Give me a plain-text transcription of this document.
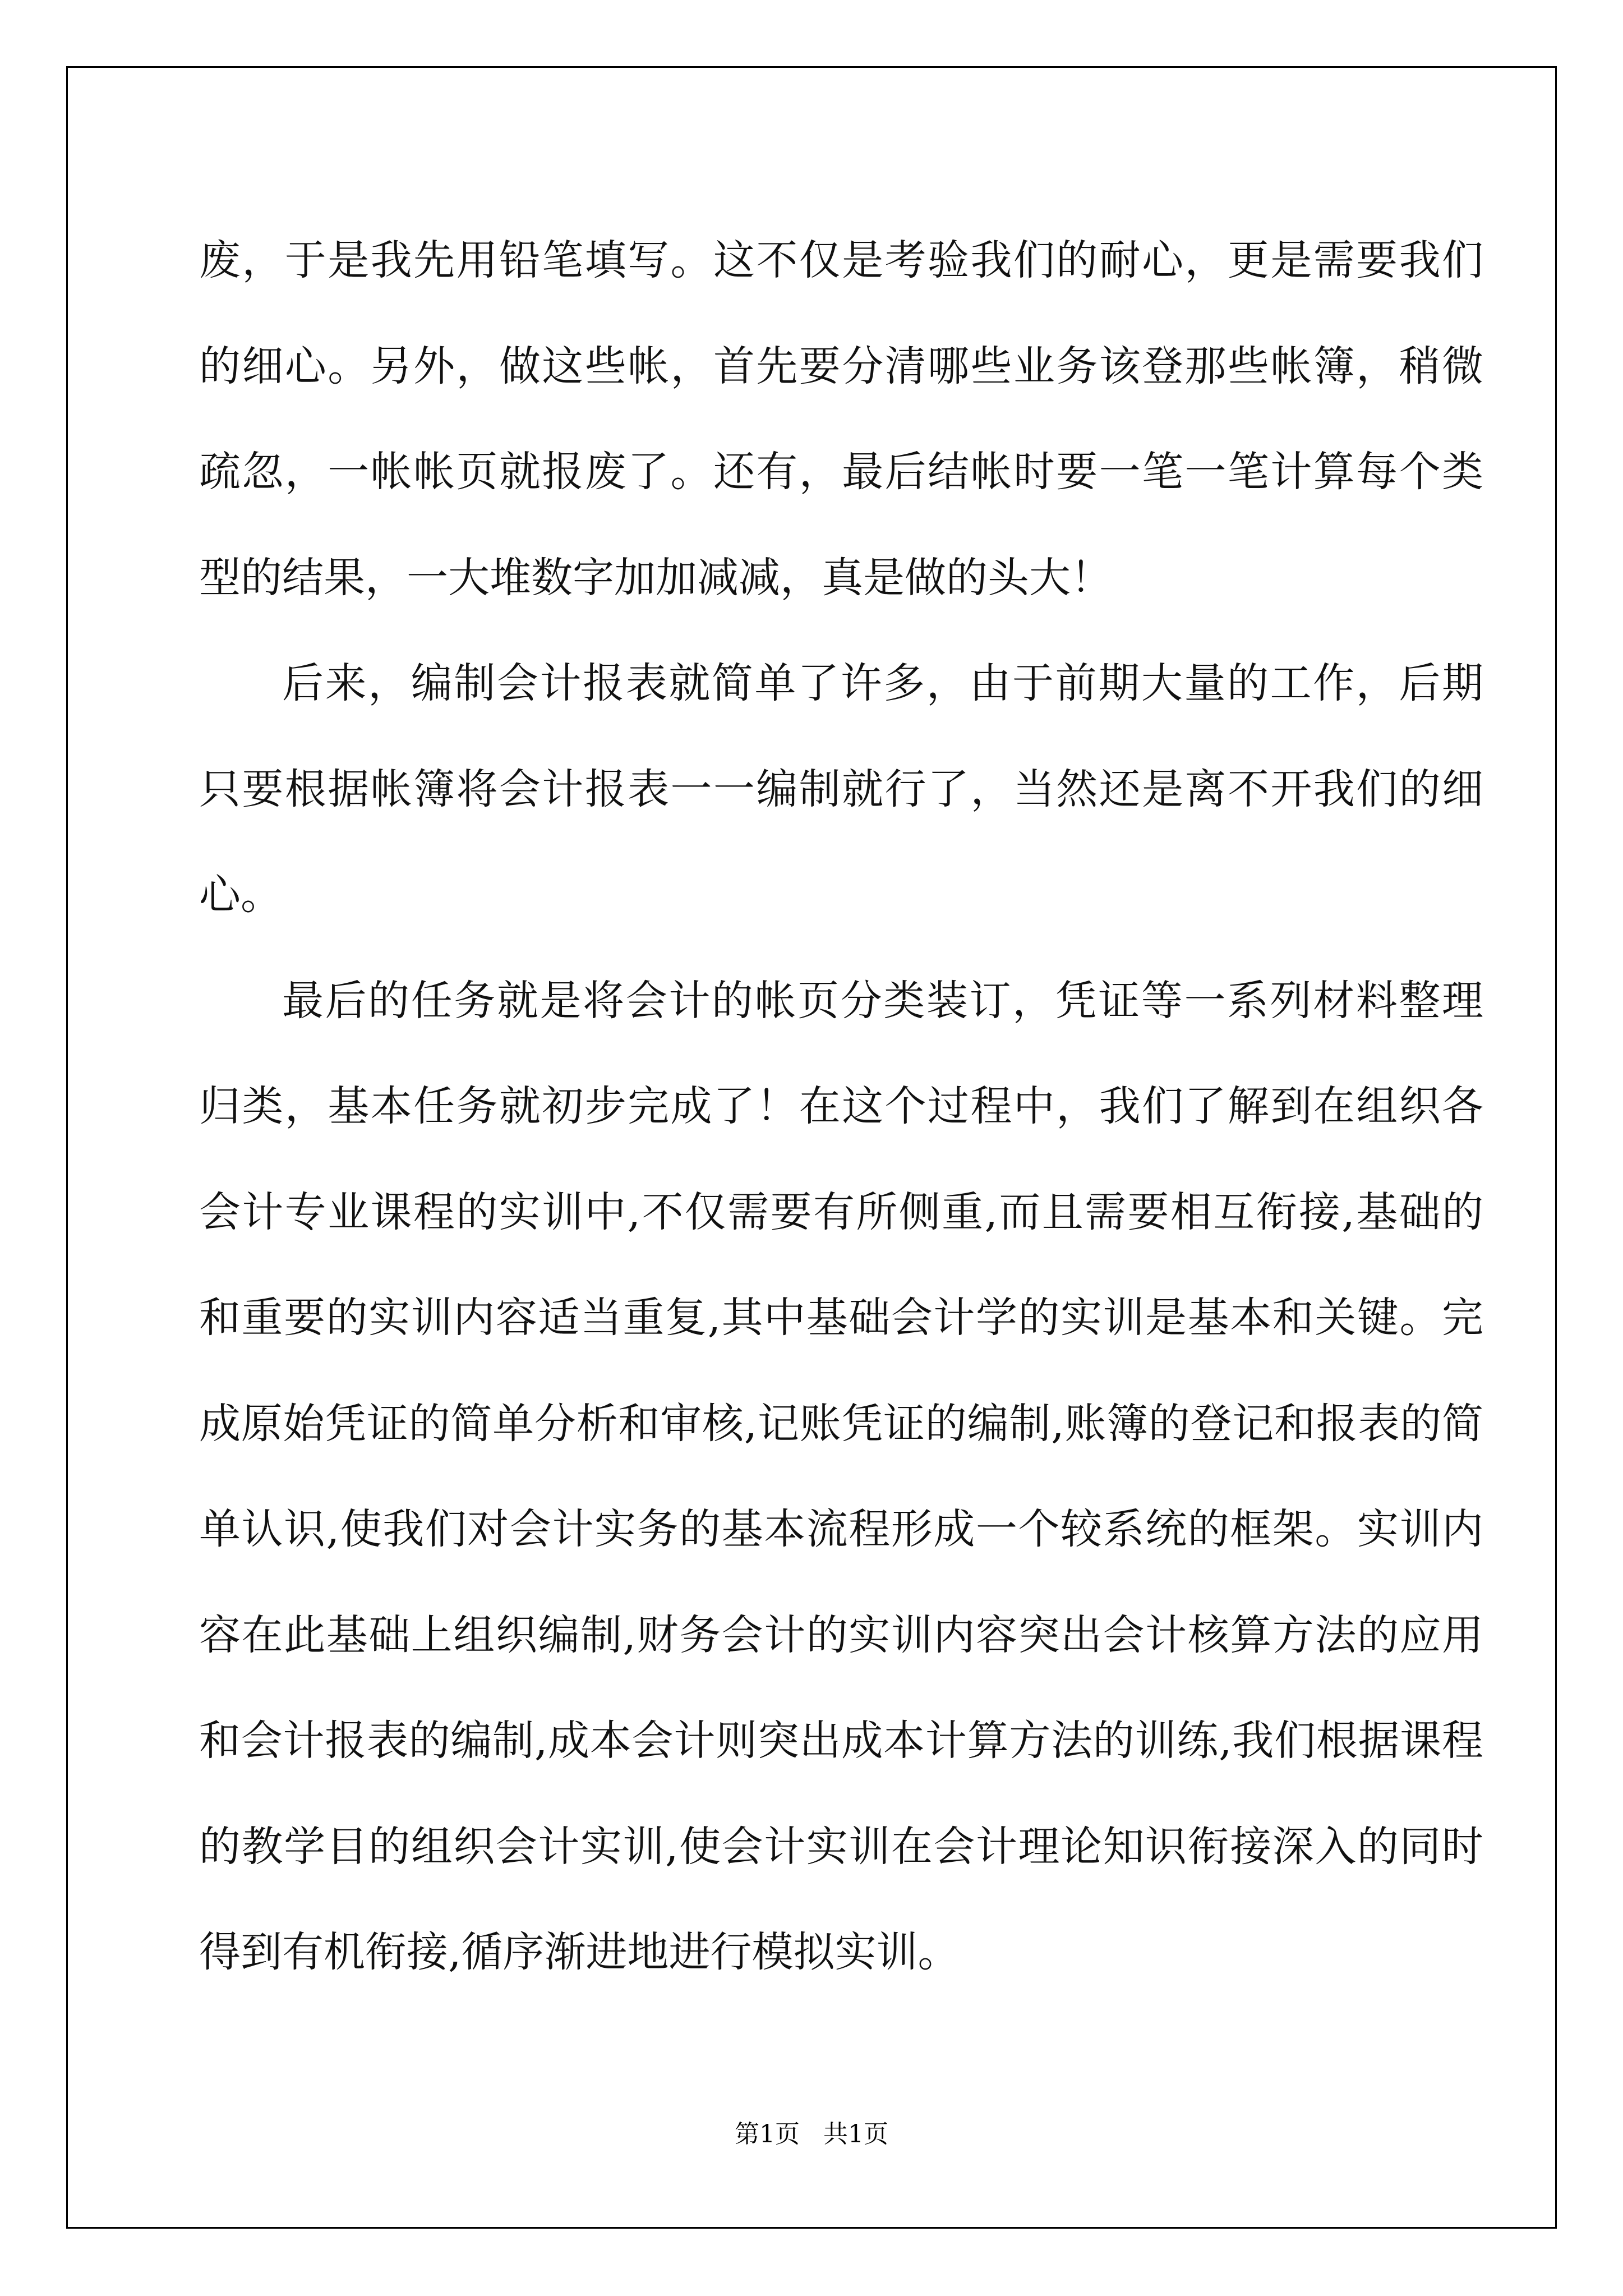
废，于是我先用铅笔填写。这不仅是考验我们的耐心，更是需要我们的细心。另外，做这些帐，首先要分清哪些业务该登那些帐簿，稍微疏忽，一帐帐页就报废了。还有，最后结帐时要一笔一笔计算每个类型的结果，一大堆数字加加减减，真是做的头大！

后来，编制会计报表就简单了许多，由于前期大量的工作，后期只要根据帐簿将会计报表一一编制就行了，当然还是离不开我们的细心。

最后的任务就是将会计的帐页分类装订，凭证等一系列材料整理归类，基本任务就初步完成了！在这个过程中，我们了解到在组织各会计专业课程的实训中,不仅需要有所侧重,而且需要相互衔接,基础的和重要的实训内容适当重复,其中基础会计学的实训是基本和关键。完成原始凭证的简单分析和审核,记账凭证的编制,账簿的登记和报表的简单认识,使我们对会计实务的基本流程形成一个较系统的框架。实训内容在此基础上组织编制,财务会计的实训内容突出会计核算方法的应用和会计报表的编制,成本会计则突出成本计算方法的训练,我们根据课程的教学目的组织会计实训,使会计实训在会计理论知识衔接深入的同时得到有机衔接,循序渐进地进行模拟实训。

第1页 共1页
